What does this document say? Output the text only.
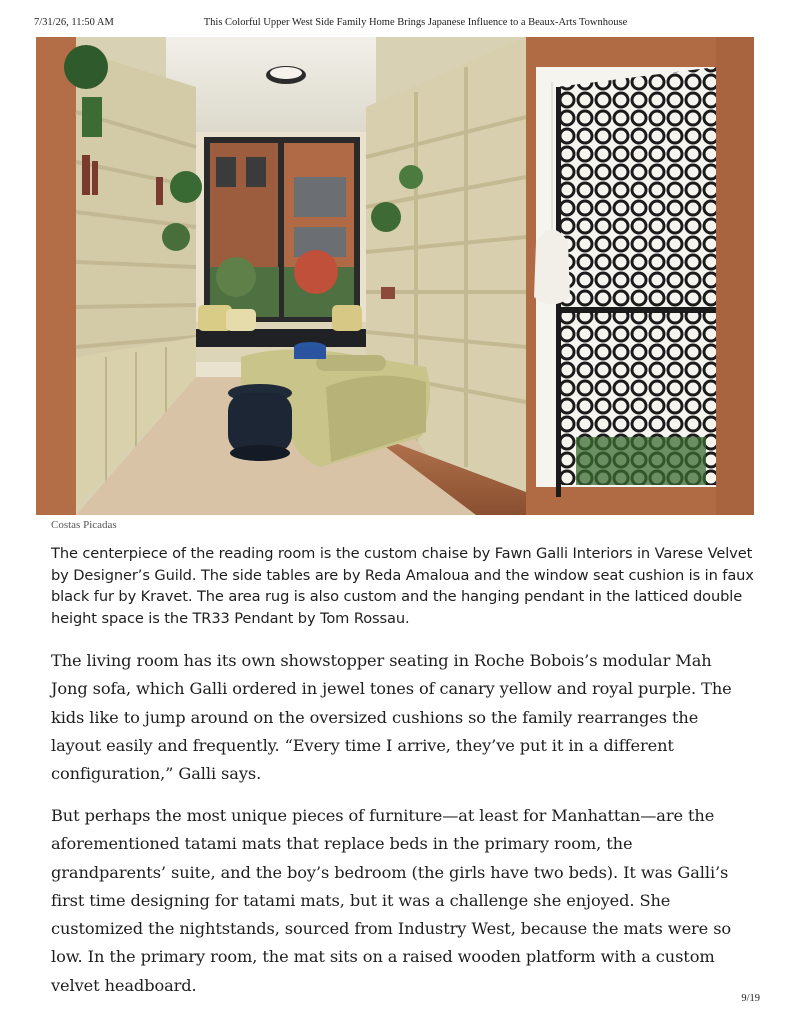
7/31/26, 11:50 AM	This Colorful Upper West Side Family Home Brings Japanese Influence to a Beaux-Arts Townhouse
Costas Picadas
The centerpiece of the reading room is the custom chaise by Fawn Galli Interiors in Varese Velvet by Designer’s Guild. The side tables are by Reda Amaloua and the window seat cushion is in faux black fur by Kravet. The area rug is also custom and the hanging pendant in the latticed double height space is the TR33 Pendant by Tom Rossau.

The living room has its own showstopper seating in Roche Bobois’s modular Mah Jong sofa, which Galli ordered in jewel tones of canary yellow and royal purple. The kids like to jump around on the oversized cushions so the family rearranges the layout easily and frequently. “Every time I arrive, they’ve put it in a different configuration,” Galli says.

But perhaps the most unique pieces of furniture—at least for Manhattan—are the aforementioned tatami mats that replace beds in the primary room, the grandparents’ suite, and the boy’s bedroom (the girls have two beds). It was Galli’s first time designing for tatami mats, but it was a challenge she enjoyed. She customized the nightstands, sourced from Industry West, because the mats were so low. In the primary room, the mat sits on a raised wooden platform with a custom velvet headboard.

9/19
